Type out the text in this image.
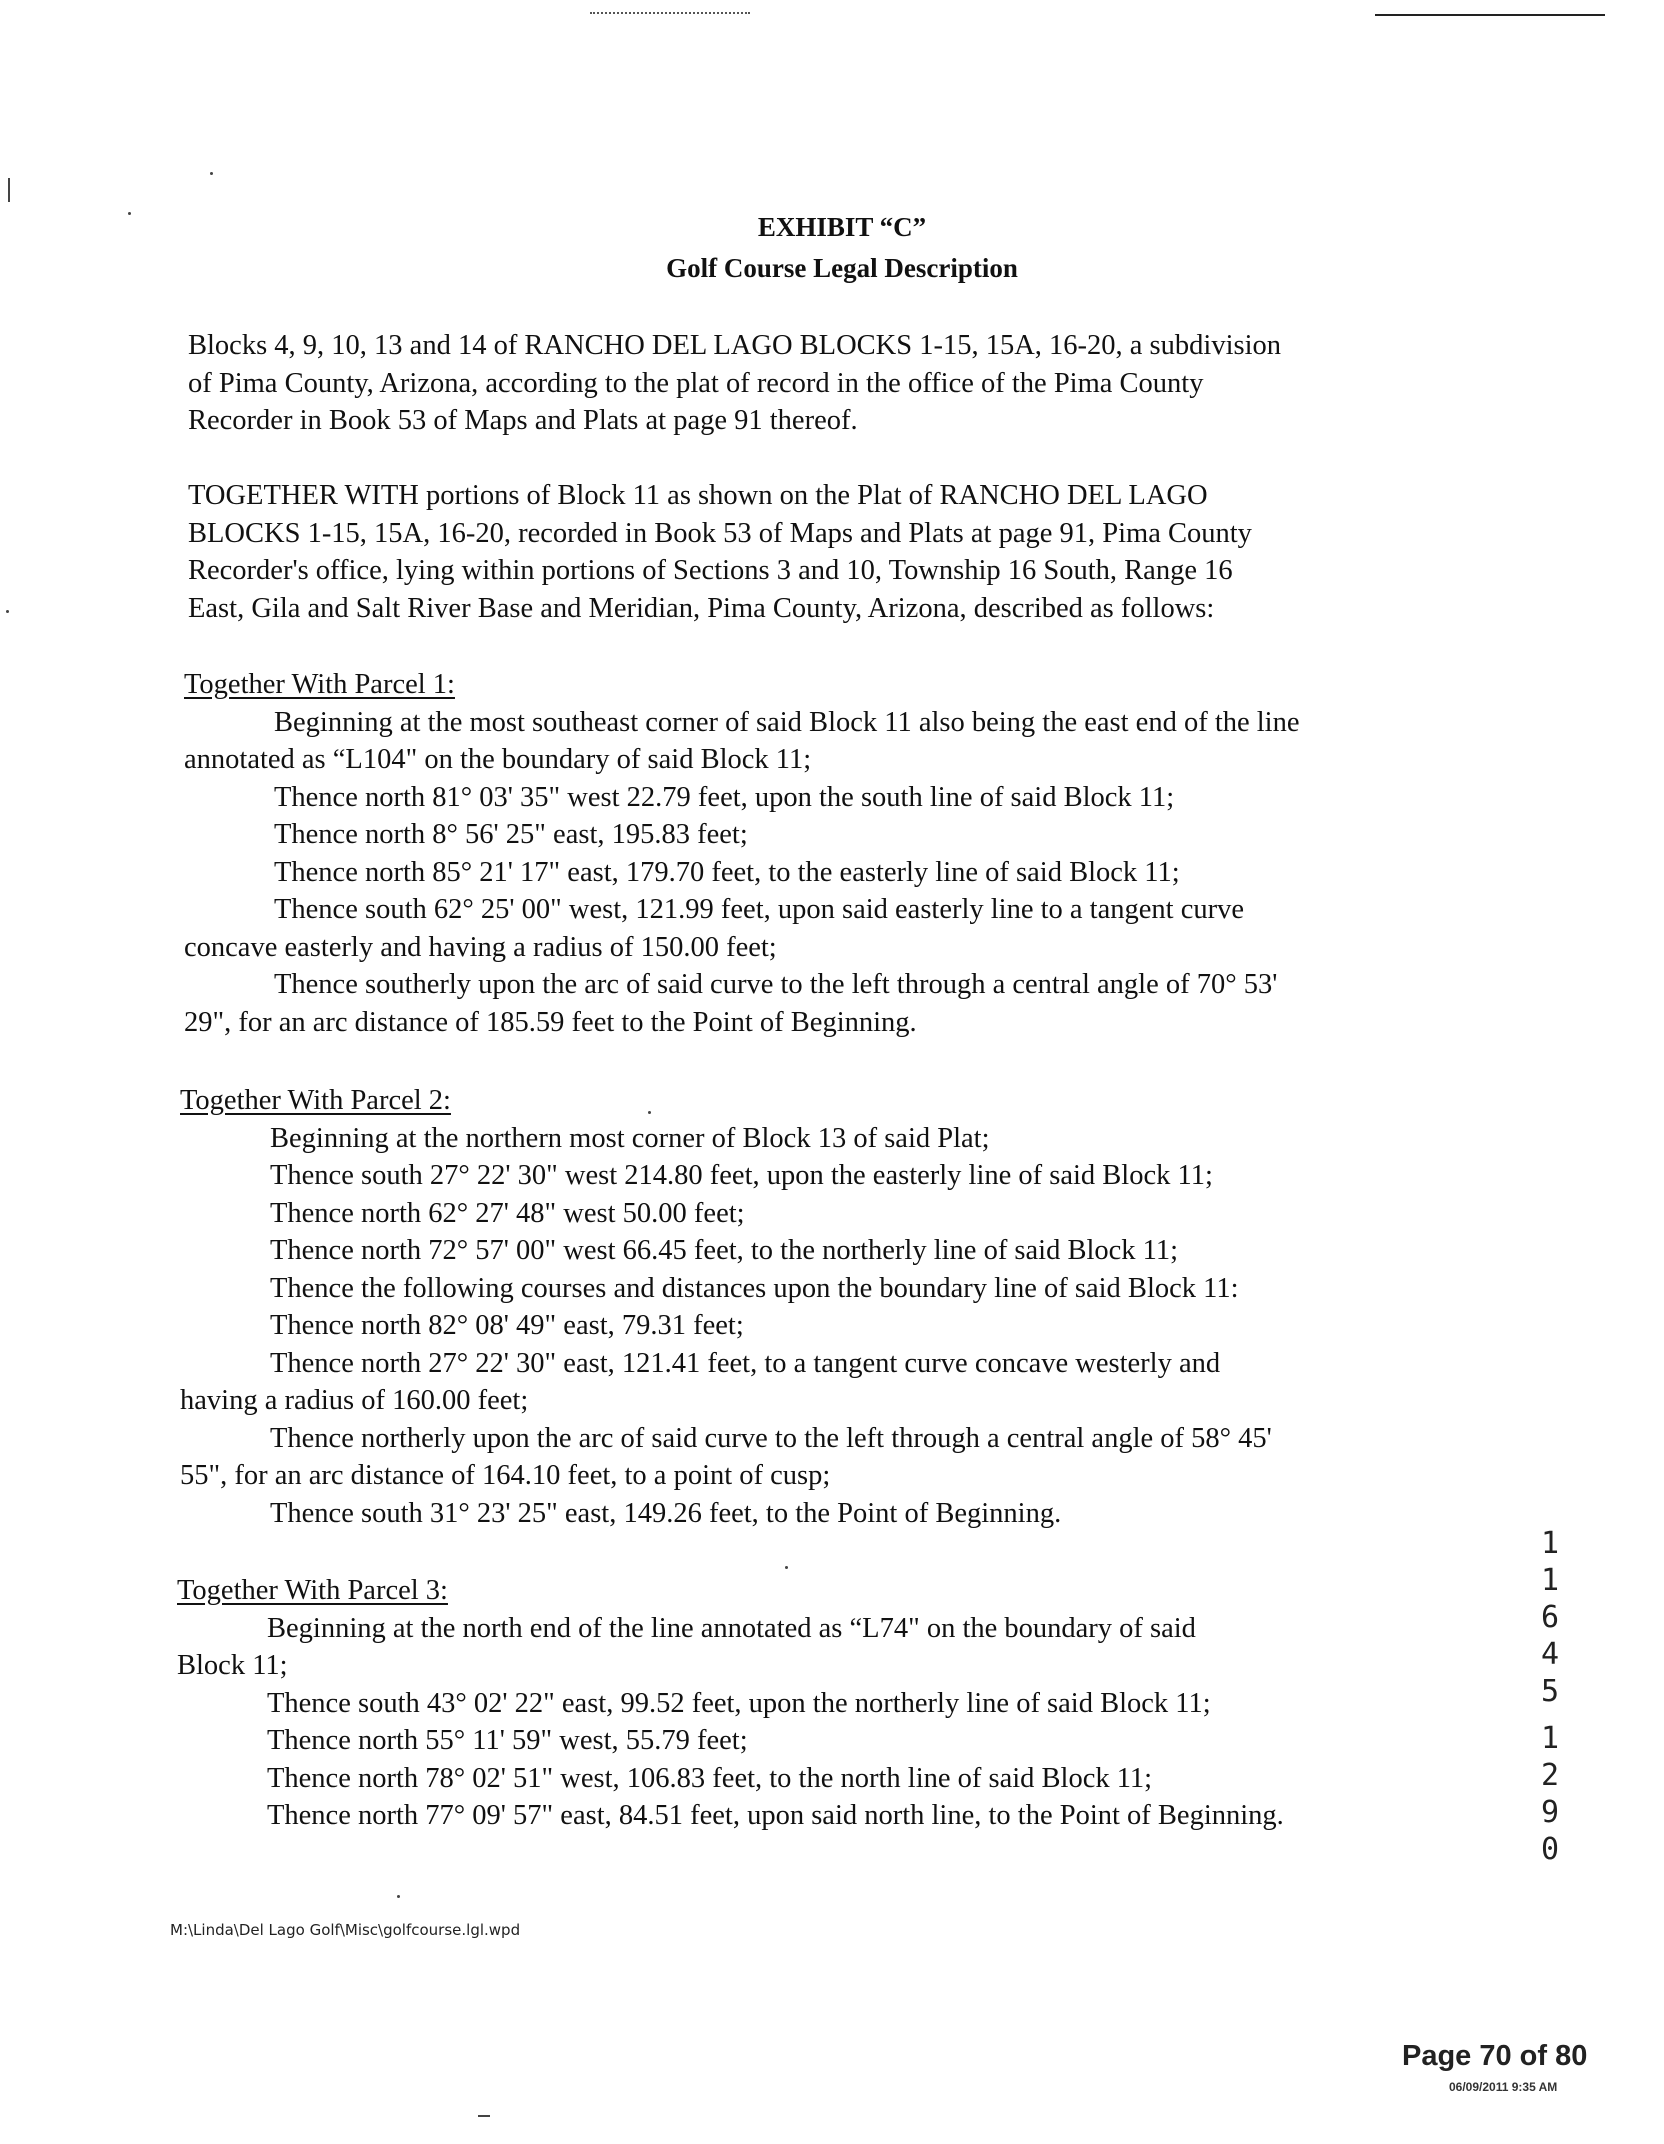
EXHIBIT “C”
Golf Course Legal Description
Blocks 4, 9, 10, 13 and 14 of RANCHO DEL LAGO BLOCKS 1-15, 15A, 16-20, a subdivision
of Pima County, Arizona, according to the plat of record in the office of the Pima County
Recorder in Book 53 of Maps and Plats at page 91 thereof.
TOGETHER WITH portions of Block 11 as shown on the Plat of RANCHO DEL LAGO
BLOCKS 1-15, 15A, 16-20, recorded in Book 53 of Maps and Plats at page 91, Pima County
Recorder's office, lying within portions of Sections 3 and 10, Township 16 South, Range 16
East, Gila and Salt River Base and Meridian, Pima County, Arizona, described as follows:
Together With Parcel 1:
Beginning at the most southeast corner of said Block 11 also being the east end of the line
annotated as “L104" on the boundary of said Block 11;
Thence north 81° 03' 35" west 22.79 feet, upon the south line of said Block 11;
Thence north 8° 56' 25" east, 195.83 feet;
Thence north 85° 21' 17" east, 179.70 feet, to the easterly line of said Block 11;
Thence south 62° 25' 00" west, 121.99 feet, upon said easterly line to a tangent curve
concave easterly and having a radius of 150.00 feet;
Thence southerly upon the arc of said curve to the left through a central angle of 70° 53'
29", for an arc distance of 185.59 feet to the Point of Beginning.
Together With Parcel 2:
Beginning at the northern most corner of Block 13 of said Plat;
Thence south 27° 22' 30" west 214.80 feet, upon the easterly line of said Block 11;
Thence north 62° 27' 48" west 50.00 feet;
Thence north 72° 57' 00" west 66.45 feet, to the northerly line of said Block 11;
Thence the following courses and distances upon the boundary line of said Block 11:
Thence north 82° 08' 49" east, 79.31 feet;
Thence north 27° 22' 30" east, 121.41 feet, to a tangent curve concave westerly and
having a radius of 160.00 feet;
Thence northerly upon the arc of said curve to the left through a central angle of 58° 45'
55", for an arc distance of 164.10 feet, to a point of cusp;
Thence south 31° 23' 25" east, 149.26 feet, to the Point of Beginning.
Together With Parcel 3:
Beginning at the north end of the line annotated as “L74" on the boundary of said
Block 11;
Thence south 43° 02' 22" east, 99.52 feet, upon the northerly line of said Block 11;
Thence north 55° 11' 59" west, 55.79 feet;
Thence north 78° 02' 51" west, 106.83 feet, to the north line of said Block 11;
Thence north 77° 09' 57" east, 84.51 feet, upon said north line, to the Point of Beginning.
1
1
6
4
5
1
2
9
0
M:\Linda\Del Lago Golf\Misc\golfcourse.lgl.wpd
Page 70 of 80
06/09/2011 9:35 AM
